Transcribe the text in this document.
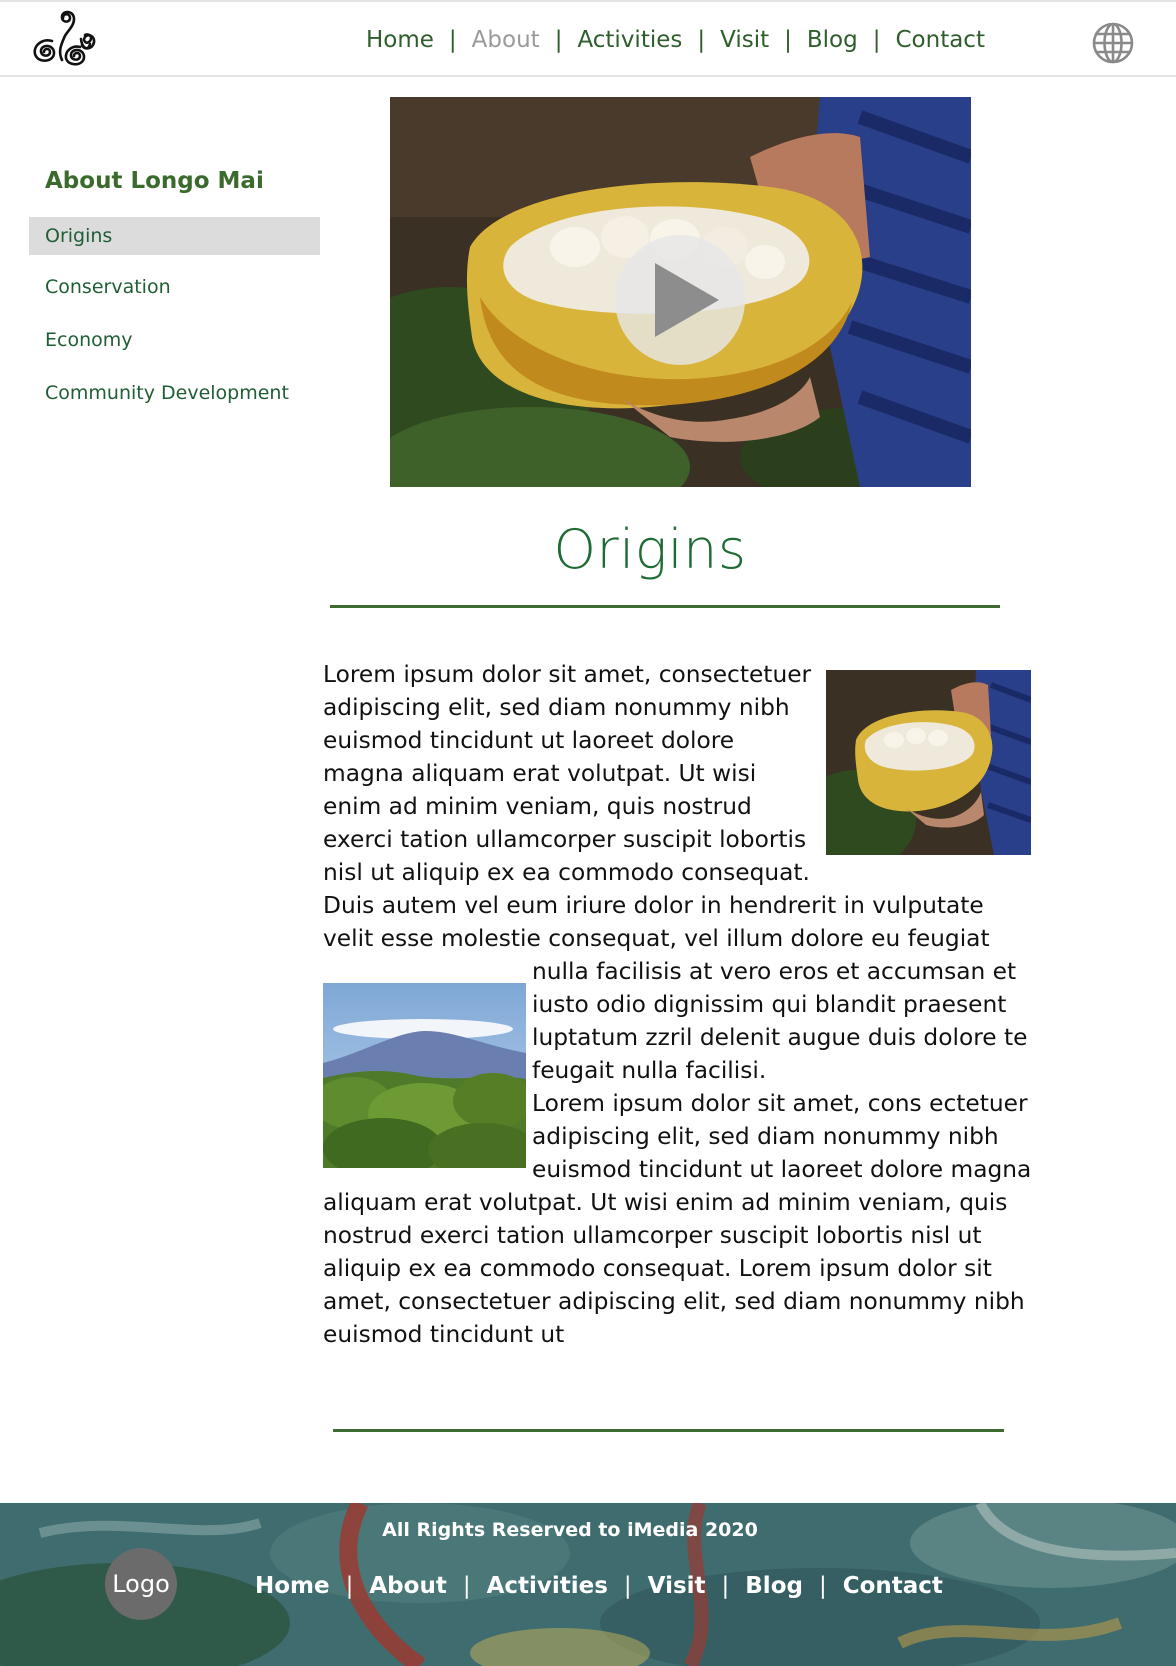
Home | About | Activities | Visit | Blog | Contact
About Longo Mai
Origins
Conservation
Economy
Community Development
Origins

Lorem ipsum dolor sit amet, consectetuer adipiscing elit, sed diam nonummy nibh euismod tincidunt ut laoreet dolore magna aliquam erat volutpat. Ut wisi enim ad minim veniam, quis nostrud exerci tation ullamcorper suscipit lobortis nisl ut aliquip ex ea commodo consequat. Duis autem vel eum iriure dolor in hendrerit in vulputate velit esse molestie consequat, vel illum dolore eu feugiat nulla facilisis at vero eros et accumsan et iusto odio dignissim qui blandit praesent luptatum zzril delenit augue duis dolore te feugait nulla facilisi.

Lorem ipsum dolor sit amet, cons ectetuer adipiscing elit, sed diam nonummy nibh euismod tincidunt ut laoreet dolore magna aliquam erat volutpat. Ut wisi enim ad minim veniam, quis nostrud exerci tation ullamcorper suscipit lobortis nisl ut aliquip ex ea commodo consequat. Lorem ipsum dolor sit amet, consectetuer adipiscing elit, sed diam nonummy nibh euismod tincidunt ut

All Rights Reserved to iMedia 2020
Logo	Home | About | Activities | Visit | Blog | Contact
